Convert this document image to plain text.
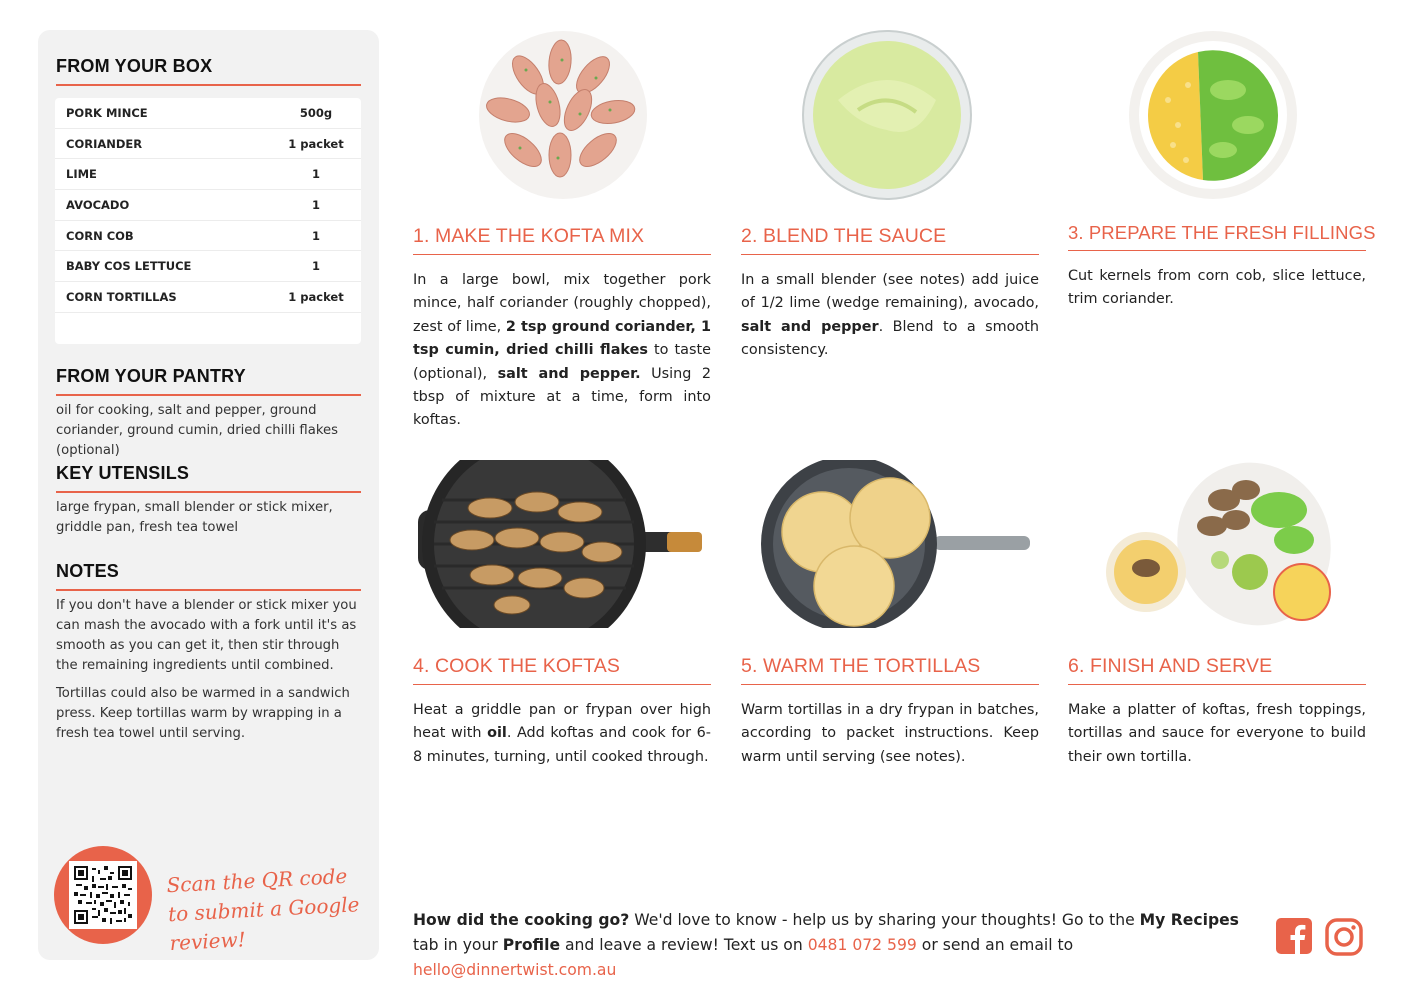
FROM YOUR BOX
PORK MINCE	500g
CORIANDER	1 packet
LIME	1
AVOCADO	1
CORN COB	1
BABY COS LETTUCE	1
CORN TORTILLAS	1 packet
FROM YOUR PANTRY
oil for cooking, salt and pepper, ground coriander, ground cumin, dried chilli flakes (optional)
KEY UTENSILS
large frypan, small blender or stick mixer, griddle pan, fresh tea towel
NOTES
If you don't have a blender or stick mixer you can mash the avocado with a fork until it's as smooth as you can get it, then stir through the remaining ingredients until combined.
Tortillas could also be warmed in a sandwich press. Keep tortillas warm by wrapping in a fresh tea towel until serving.
Scan the QR code to submit a Google review!
1. MAKE THE KOFTA MIX
In a large bowl, mix together pork mince, half coriander (roughly chopped), zest of lime, 2 tsp ground coriander, 1 tsp cumin, dried chilli flakes to taste (optional), salt and pepper. Using 2 tbsp of mixture at a time, form into koftas.
2. BLEND THE SAUCE
In a small blender (see notes) add juice of 1/2 lime (wedge remaining), avocado, salt and pepper. Blend to a smooth consistency.
3. PREPARE THE FRESH FILLINGS
Cut kernels from corn cob, slice lettuce, trim coriander.
4. COOK THE KOFTAS
Heat a griddle pan or frypan over high heat with oil. Add koftas and cook for 6-8 minutes, turning, until cooked through.
5. WARM THE TORTILLAS
Warm tortillas in a dry frypan in batches, according to packet instructions. Keep warm until serving (see notes).
6. FINISH AND SERVE
Make a platter of koftas, fresh toppings, tortillas and sauce for everyone to build their own tortilla.
How did the cooking go? We'd love to know - help us by sharing your thoughts! Go to the My Recipes tab in your Profile and leave a review! Text us on 0481 072 599 or send an email to hello@dinnertwist.com.au
